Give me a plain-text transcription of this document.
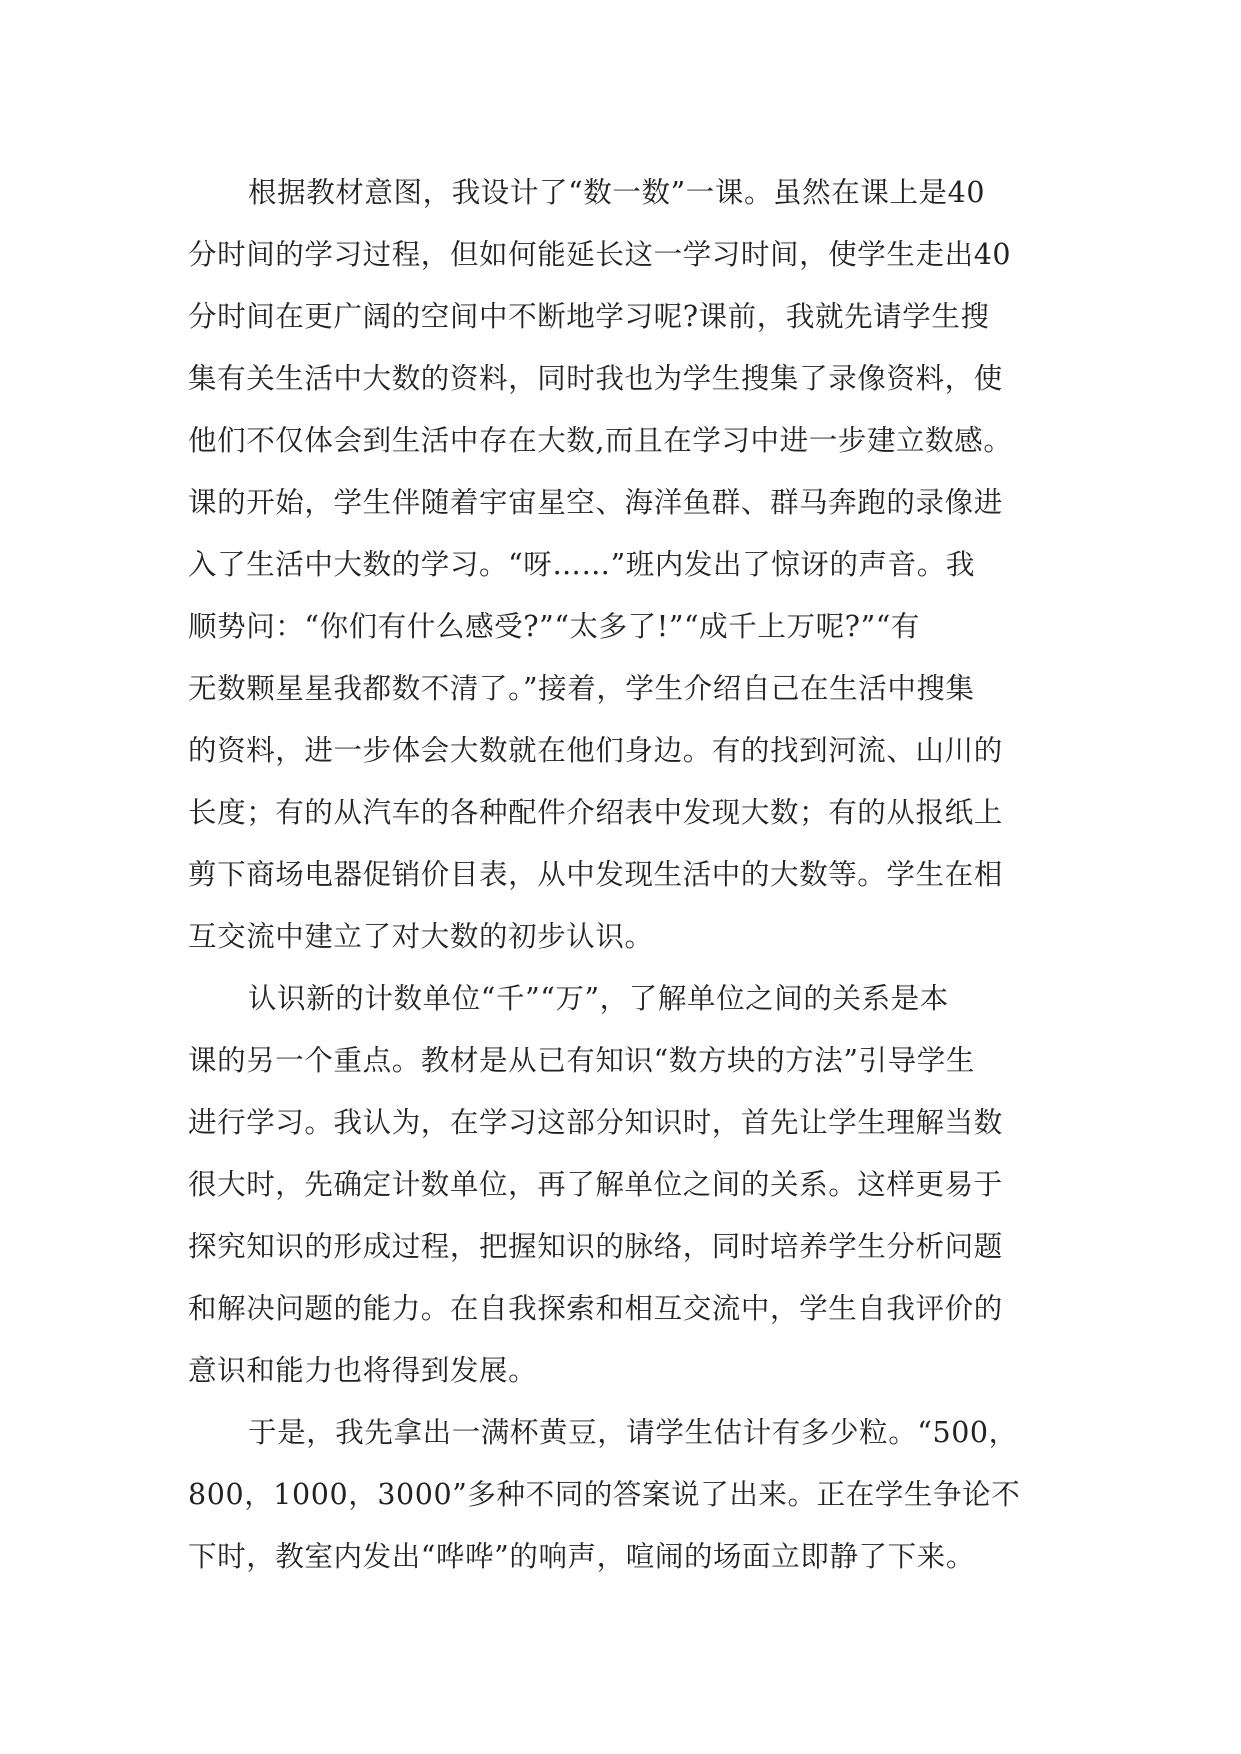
根据教材意图，我设计了“数一数”一课。虽然在课上是40
分时间的学习过程，但如何能延长这一学习时间，使学生走出40
分时间在更广阔的空间中不断地学习呢?课前，我就先请学生搜
集有关生活中大数的资料，同时我也为学生搜集了录像资料，使
他们不仅体会到生活中存在大数,而且在学习中进一步建立数感。
课的开始，学生伴随着宇宙星空、海洋鱼群、群马奔跑的录像进
入了生活中大数的学习。“呀……”班内发出了惊讶的声音。我
顺势问：“你们有什么感受?”“太多了!”“成千上万呢?”“有
无数颗星星我都数不清了。”接着，学生介绍自己在生活中搜集
的资料，进一步体会大数就在他们身边。有的找到河流、山川的
长度；有的从汽车的各种配件介绍表中发现大数；有的从报纸上
剪下商场电器促销价目表，从中发现生活中的大数等。学生在相
互交流中建立了对大数的初步认识。
认识新的计数单位“千”“万”，了解单位之间的关系是本
课的另一个重点。教材是从已有知识“数方块的方法”引导学生
进行学习。我认为，在学习这部分知识时，首先让学生理解当数
很大时，先确定计数单位，再了解单位之间的关系。这样更易于
探究知识的形成过程，把握知识的脉络，同时培养学生分析问题
和解决问题的能力。在自我探索和相互交流中，学生自我评价的
意识和能力也将得到发展。
于是，我先拿出一满杯黄豆，请学生估计有多少粒。“500，
800，1000，3000”多种不同的答案说了出来。正在学生争论不
下时，教室内发出“哗哗”的响声，喧闹的场面立即静了下来。
